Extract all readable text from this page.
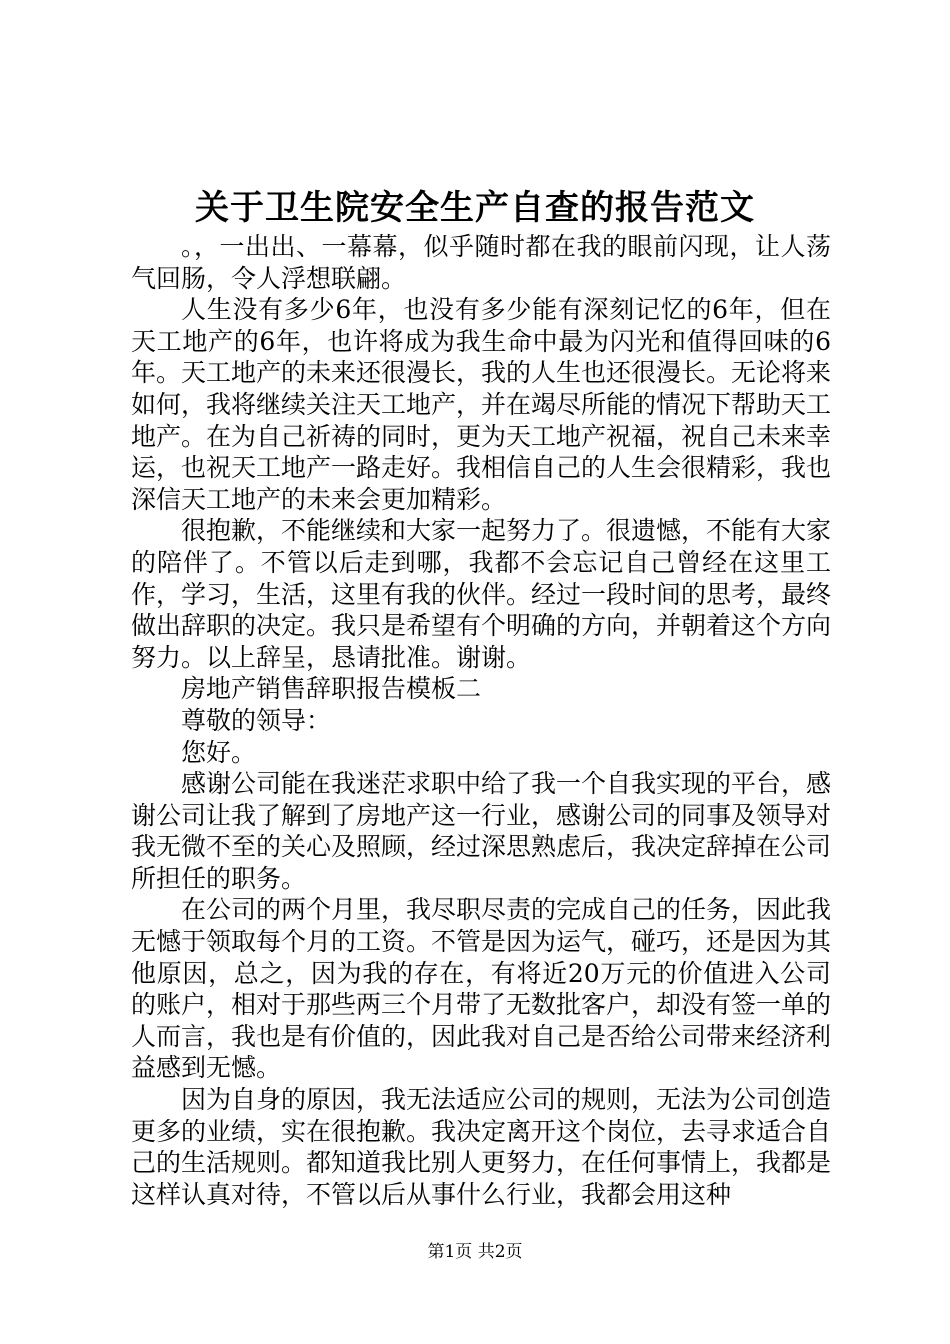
关于卫生院安全生产自查的报告范文

。，一出出、一幕幕，似乎随时都在我的眼前闪现，让人荡气回肠，令人浮想联翩。

人生没有多少6年，也没有多少能有深刻记忆的6年，但在天工地产的6年，也许将成为我生命中最为闪光和值得回味的6年。天工地产的未来还很漫长，我的人生也还很漫长。无论将来如何，我将继续关注天工地产，并在竭尽所能的情况下帮助天工地产。在为自己祈祷的同时，更为天工地产祝福，祝自己未来幸运，也祝天工地产一路走好。我相信自己的人生会很精彩，我也深信天工地产的未来会更加精彩。

很抱歉，不能继续和大家一起努力了。很遗憾，不能有大家的陪伴了。不管以后走到哪，我都不会忘记自己曾经在这里工作，学习，生活，这里有我的伙伴。经过一段时间的思考，最终做出辞职的决定。我只是希望有个明确的方向，并朝着这个方向努力。以上辞呈，恳请批准。谢谢。

房地产销售辞职报告模板二

尊敬的领导：

您好。

感谢公司能在我迷茫求职中给了我一个自我实现的平台，感谢公司让我了解到了房地产这一行业，感谢公司的同事及领导对我无微不至的关心及照顾，经过深思熟虑后，我决定辞掉在公司所担任的职务。

在公司的两个月里，我尽职尽责的完成自己的任务，因此我无憾于领取每个月的工资。不管是因为运气，碰巧，还是因为其他原因，总之，因为我的存在，有将近20万元的价值进入公司的账户，相对于那些两三个月带了无数批客户，却没有签一单的人而言，我也是有价值的，因此我对自己是否给公司带来经济利益感到无憾。

因为自身的原因，我无法适应公司的规则，无法为公司创造更多的业绩，实在很抱歉。我决定离开这个岗位，去寻求适合自己的生活规则。都知道我比别人更努力，在任何事情上，我都是这样认真对待，不管以后从事什么行业，我都会用这种

第1页 共2页
